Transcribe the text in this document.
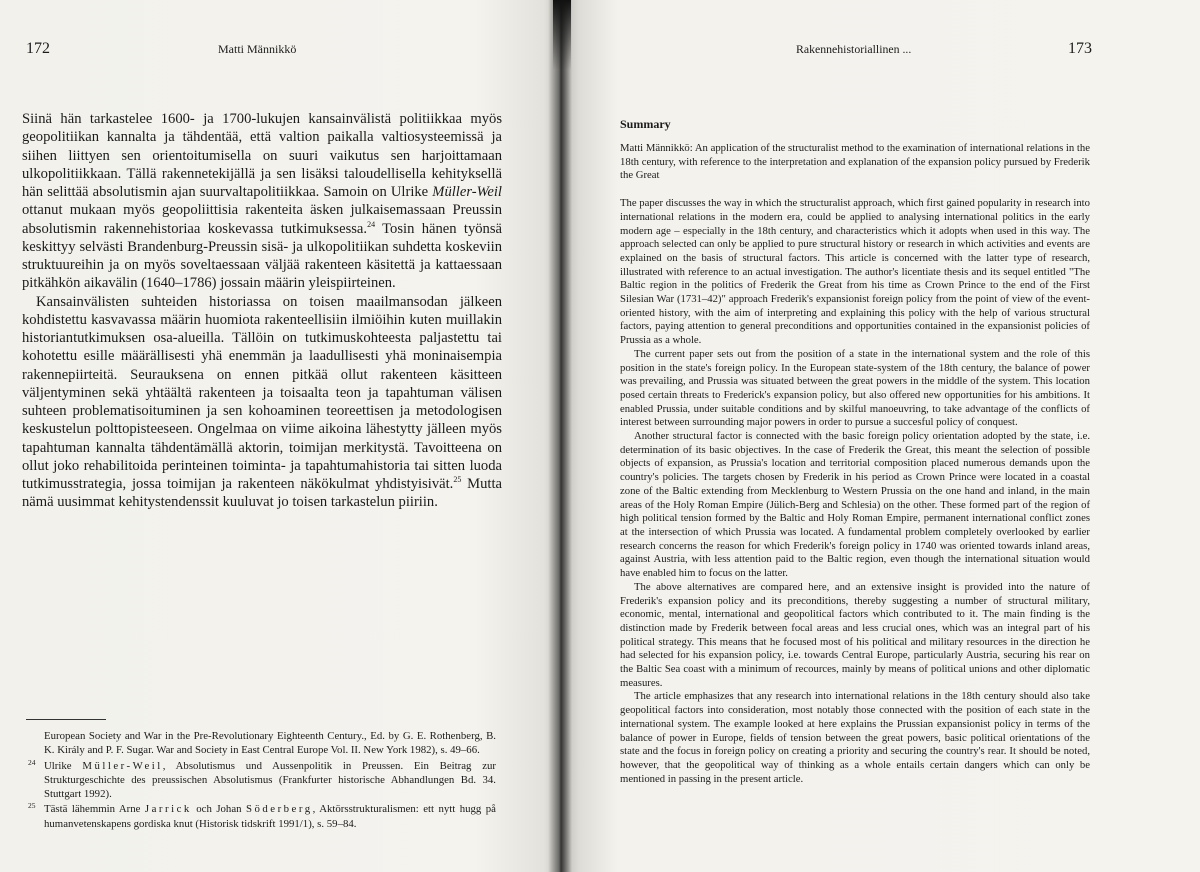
172	Matti Männikkö

Siinä hän tarkastelee 1600- ja 1700-lukujen kansainvälistä politiikkaa myös geopolitiikan kannalta ja tähdentää, että valtion paikalla valtiosysteemissä ja siihen liittyen sen orientoitumisella on suuri vaikutus sen harjoittamaan ulkopolitiikkaan. Tällä rakennetekijällä ja sen lisäksi taloudellisella kehityksellä hän selittää absolutismin ajan suurvaltapolitiikkaa. Samoin on Ulrike Müller-Weil ottanut mukaan myös geopoliittisia rakenteita äsken julkaisemassaan Preussin absolutismin rakennehistoriaa koskevassa tutkimuksessa.$^{24}$ Tosin hänen työnsä keskittyy selvästi Brandenburg-Preussin sisä- ja ulkopolitiikan suhdetta koskeviin struktuureihin ja on myös soveltaessaan väljää rakenteen käsitettä ja kattaessaan pitkähkön aikavälin (1640–1786) jossain määrin yleispiirteinen.

Kansainvälisten suhteiden historiassa on toisen maailmansodan jälkeen kohdistettu kasvavassa määrin huomiota rakenteellisiin ilmiöihin kuten muillakin historiantutkimuksen osa-alueilla. Tällöin on tutkimuskohteesta paljastettu tai kohotettu esille määrällisesti yhä enemmän ja laadullisesti yhä moninaisempia rakennepiirteitä. Seurauksena on ennen pitkää ollut rakenteen käsitteen väljentyminen sekä yhtäältä rakenteen ja toisaalta teon ja tapahtuman välisen suhteen problematisoituminen ja sen kohoaminen teoreettisen ja metodologisen keskustelun polttopisteeseen. Ongelmaa on viime aikoina lähestytty jälleen myös tapahtuman kannalta tähdentämällä aktorin, toimijan merkitystä. Tavoitteena on ollut joko rehabilitoida perinteinen toiminta- ja tapahtumahistoria tai sitten luoda tutkimusstrategia, jossa toimijan ja rakenteen näkökulmat yhdistyisivät.$^{25}$ Mutta nämä uusimmat kehitystendenssit kuuluvat jo toisen tarkastelun piiriin.

European Society and War in the Pre-Revolutionary Eighteenth Century., Ed. by G. E. Rothenberg, B. K. Király and P. F. Sugar. War and Society in East Central Europe Vol. II. New York 1982), s. 49–66.
24 Ulrike Müller-Weil, Absolutismus und Aussenpolitik in Preussen. Ein Beitrag zur Strukturgeschichte des preussischen Absolutismus (Frankfurter historische Abhandlungen Bd. 34. Stuttgart 1992).
25 Tästä lähemmin Arne Jarrick och Johan Söderberg, Aktörsstrukturalismen: ett nytt hugg på humanvetenskapens gordiska knut (Historisk tidskrift 1991/1), s. 59–84.
Rakennehistoriallinen ...	173
Summary

Matti Männikkö: An application of the structuralist method to the examination of international relations in the 18th century, with reference to the interpretation and explanation of the expansion policy pursued by Frederik the Great

The paper discusses the way in which the structuralist approach, which first gained popularity in research into international relations in the modern era, could be applied to analysing international politics in the early modern age – especially in the 18th century, and characteristics which it adopts when used in this way. The approach selected can only be applied to pure structural history or research in which activities and events are explained on the basis of structural factors. This article is concerned with the latter type of research, illustrated with reference to an actual investigation. The author's licentiate thesis and its sequel entitled "The Baltic region in the politics of Frederik the Great from his time as Crown Prince to the end of the First Silesian War (1731–42)" approach Frederik's expansionist foreign policy from the point of view of the event-oriented history, with the aim of interpreting and explaining this policy with the help of various structural factors, paying attention to general preconditions and opportunities contained in the expansionist policies of Prussia as a whole.

The current paper sets out from the position of a state in the international system and the role of this position in the state's foreign policy. In the European state-system of the 18th century, the balance of power was prevailing, and Prussia was situated between the great powers in the middle of the system. This location posed certain threats to Frederick's expansion policy, but also offered new opportunities for his ambitions. It enabled Prussia, under suitable conditions and by skilful manoeuvring, to take advantage of the conflicts of interest between surrounding major powers in order to pursue a succesful policy of conquest.

Another structural factor is connected with the basic foreign policy orientation adopted by the state, i.e. determination of its basic objectives. In the case of Frederik the Great, this meant the selection of possible objects of expansion, as Prussia's location and territorial composition placed numerous demands upon the country's policies. The targets chosen by Frederik in his period as Crown Prince were located in a coastal zone of the Baltic extending from Mecklenburg to Western Prussia on the one hand and inland, in the main areas of the Holy Roman Empire (Jülich-Berg and Schlesia) on the other. These formed part of the region of high political tension formed by the Baltic and Holy Roman Empire, permanent international conflict zones at the intersection of which Prussia was located. A fundamental problem completely overlooked by earlier research concerns the reason for which Frederik's foreign policy in 1740 was oriented towards inland areas, against Austria, with less attention paid to the Baltic region, even though the international situation would have enabled him to focus on the latter.

The above alternatives are compared here, and an extensive insight is provided into the nature of Frederik's expansion policy and its preconditions, thereby suggesting a number of structural military, economic, mental, international and geopolitical factors which contributed to it. The main finding is the distinction made by Frederik between focal areas and less crucial ones, which was an integral part of his political strategy. This means that he focused most of his political and military resources in the direction he had selected for his expansion policy, i.e. towards Central Europe, particularly Austria, securing his rear on the Baltic Sea coast with a minimum of recources, mainly by means of political unions and other diplomatic measures.

The article emphasizes that any research into international relations in the 18th century should also take geopolitical factors into consideration, most notably those connected with the position of each state in the international system. The example looked at here explains the Prussian expansionist policy in terms of the balance of power in Europe, fields of tension between the great powers, basic political orientations of the state and the focus in foreign policy on creating a priority and securing the country's rear. It should be noted, however, that the geopolitical way of thinking as a whole entails certain dangers which can only be mentioned in passing in the present article.
